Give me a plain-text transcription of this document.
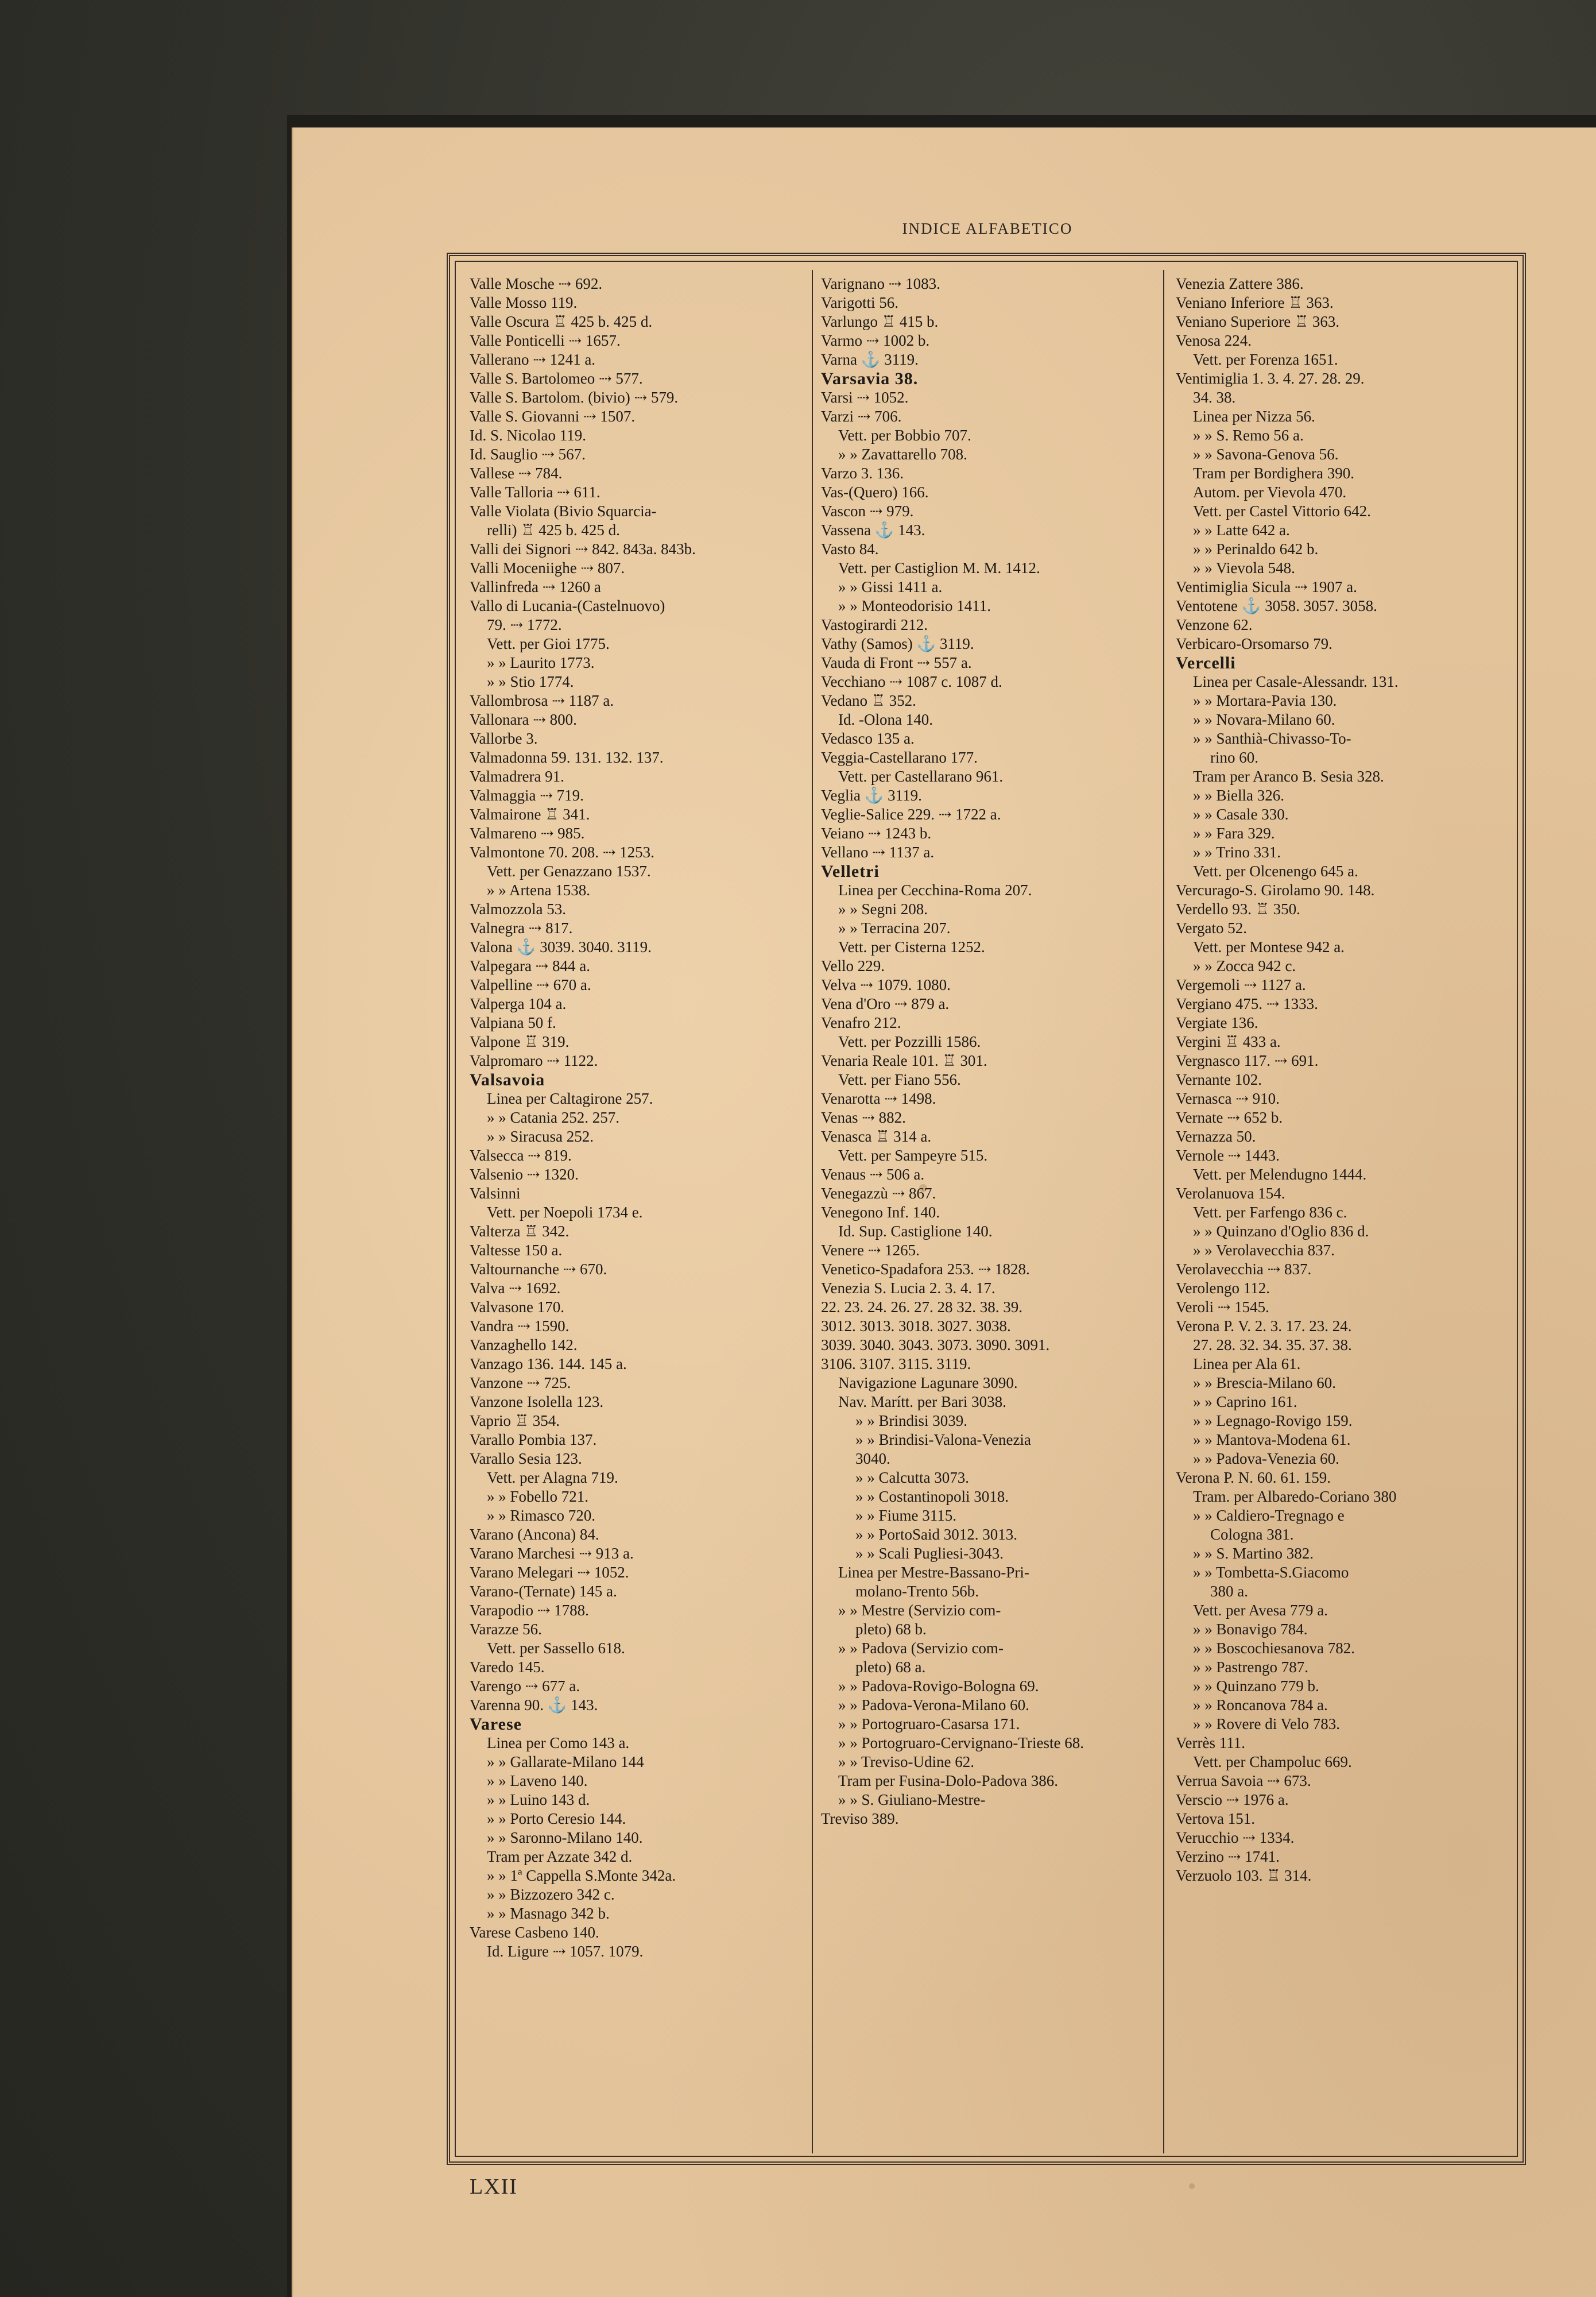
INDICE ALFABETICO
Valle Mosche ⇢ 692.
Valle Mosso 119.
Valle Oscura ♖ 425 b. 425 d.
Valle Ponticelli ⇢ 1657.
Vallerano ⇢ 1241 a.
Valle S. Bartolomeo ⇢ 577.
Valle S. Bartolom. (bivio) ⇢ 579.
Valle S. Giovanni ⇢ 1507.
Id. S. Nicolao 119.
Id. Sauglio ⇢ 567.
Vallese ⇢ 784.
Valle Talloria ⇢ 611.
Valle Violata (Bivio Squarcia-
relli) ♖ 425 b. 425 d.
Valli dei Signori ⇢ 842. 843a. 843b.
Valli Moceniighe ⇢ 807.
Vallinfreda ⇢ 1260 a
Vallo di Lucania-(Castelnuovo)
79. ⇢ 1772.
Vett. per Gioi 1775.
» » Laurito 1773.
» » Stio 1774.
Vallombrosa ⇢ 1187 a.
Vallonara ⇢ 800.
Vallorbe 3.
Valmadonna 59. 131. 132. 137.
Valmadrera 91.
Valmaggia ⇢ 719.
Valmairone ♖ 341.
Valmareno ⇢ 985.
Valmontone 70. 208. ⇢ 1253.
Vett. per Genazzano 1537.
» » Artena 1538.
Valmozzola 53.
Valnegra ⇢ 817.
Valona ⚓ 3039. 3040. 3119.
Valpegara ⇢ 844 a.
Valpelline ⇢ 670 a.
Valperga 104 a.
Valpiana 50 f.
Valpone ♖ 319.
Valpromaro ⇢ 1122.
Valsavoia
Linea per Caltagirone 257.
» » Catania 252. 257.
» » Siracusa 252.
Valsecca ⇢ 819.
Valsenio ⇢ 1320.
Valsinni
Vett. per Noepoli 1734 e.
Valterza ♖ 342.
Valtesse 150 a.
Valtournanche ⇢ 670.
Valva ⇢ 1692.
Valvasone 170.
Vandra ⇢ 1590.
Vanzaghello 142.
Vanzago 136. 144. 145 a.
Vanzone ⇢ 725.
Vanzone Isolella 123.
Vaprio ♖ 354.
Varallo Pombia 137.
Varallo Sesia 123.
Vett. per Alagna 719.
» » Fobello 721.
» » Rimasco 720.
Varano (Ancona) 84.
Varano Marchesi ⇢ 913 a.
Varano Melegari ⇢ 1052.
Varano-(Ternate) 145 a.
Varapodio ⇢ 1788.
Varazze 56.
Vett. per Sassello 618.
Varedo 145.
Varengo ⇢ 677 a.
Varenna 90. ⚓ 143.
Varese
Linea per Como 143 a.
» » Gallarate-Milano 144
» » Laveno 140.
» » Luino 143 d.
» » Porto Ceresio 144.
» » Saronno-Milano 140.
Tram per Azzate 342 d.
» » 1ª Cappella S.Monte 342a.
» » Bizzozero 342 c.
» » Masnago 342 b.
Varese Casbeno 140.
Id. Ligure ⇢ 1057. 1079.
Varignano ⇢ 1083.
Varigotti 56.
Varlungo ♖ 415 b.
Varmo ⇢ 1002 b.
Varna ⚓ 3119.
Varsavia 38.
Varsi ⇢ 1052.
Varzi ⇢ 706.
Vett. per Bobbio 707.
» » Zavattarello 708.
Varzo 3. 136.
Vas-(Quero) 166.
Vascon ⇢ 979.
Vassena ⚓ 143.
Vasto 84.
Vett. per Castiglion M. M. 1412.
» » Gissi 1411 a.
» » Monteodorisio 1411.
Vastogirardi 212.
Vathy (Samos) ⚓ 3119.
Vauda di Front ⇢ 557 a.
Vecchiano ⇢ 1087 c. 1087 d.
Vedano ♖ 352.
Id. -Olona 140.
Vedasco 135 a.
Veggia-Castellarano 177.
Vett. per Castellarano 961.
Veglia ⚓ 3119.
Veglie-Salice 229. ⇢ 1722 a.
Veiano ⇢ 1243 b.
Vellano ⇢ 1137 a.
Velletri
Linea per Cecchina-Roma 207.
» » Segni 208.
» » Terracina 207.
Vett. per Cisterna 1252.
Vello 229.
Velva ⇢ 1079. 1080.
Vena d'Oro ⇢ 879 a.
Venafro 212.
Vett. per Pozzilli 1586.
Venaria Reale 101. ♖ 301.
Vett. per Fiano 556.
Venarotta ⇢ 1498.
Venas ⇢ 882.
Venasca ♖ 314 a.
Vett. per Sampeyre 515.
Venaus ⇢ 506 a.
Venegazzù ⇢ 867.
Venegono Inf. 140.
Id. Sup. Castiglione 140.
Venere ⇢ 1265.
Venetico-Spadafora 253. ⇢ 1828.
Venezia S. Lucia 2. 3. 4. 17.
22. 23. 24. 26. 27. 28 32. 38. 39.
3012. 3013. 3018. 3027. 3038.
3039. 3040. 3043. 3073. 3090. 3091.
3106. 3107. 3115. 3119.
Navigazione Lagunare 3090.
Nav. Marítt. per Bari 3038.
» » Brindisi 3039.
» » Brindisi-Valona-Venezia
3040.
» » Calcutta 3073.
» » Costantinopoli 3018.
» » Fiume 3115.
» » PortoSaid 3012. 3013.
» » Scali Pugliesi-3043.
Linea per Mestre-Bassano-Pri-
molano-Trento 56b.
» » Mestre (Servizio com-
pleto) 68 b.
» » Padova (Servizio com-
pleto) 68 a.
» » Padova-Rovigo-Bologna 69.
» » Padova-Verona-Milano 60.
» » Portogruaro-Casarsa 171.
» » Portogruaro-Cervignano-Trieste 68.
» » Treviso-Udine 62.
Tram per Fusina-Dolo-Padova 386.
» » S. Giuliano-Mestre-
Treviso 389.
Venezia Zattere 386.
Veniano Inferiore ♖ 363.
Veniano Superiore ♖ 363.
Venosa 224.
Vett. per Forenza 1651.
Ventimiglia 1. 3. 4. 27. 28. 29.
34. 38.
Linea per Nizza 56.
» » S. Remo 56 a.
» » Savona-Genova 56.
Tram per Bordighera 390.
Autom. per Vievola 470.
Vett. per Castel Vittorio 642.
» » Latte 642 a.
» » Perinaldo 642 b.
» » Vievola 548.
Ventimiglia Sicula ⇢ 1907 a.
Ventotene ⚓ 3058. 3057. 3058.
Venzone 62.
Verbicaro-Orsomarso 79.
Vercelli
Linea per Casale-Alessandr. 131.
» » Mortara-Pavia 130.
» » Novara-Milano 60.
» » Santhià-Chivasso-To-
rino 60.
Tram per Aranco B. Sesia 328.
» » Biella 326.
» » Casale 330.
» » Fara 329.
» » Trino 331.
Vett. per Olcenengo 645 a.
Vercurago-S. Girolamo 90. 148.
Verdello 93. ♖ 350.
Vergato 52.
Vett. per Montese 942 a.
» » Zocca 942 c.
Vergemoli ⇢ 1127 a.
Vergiano 475. ⇢ 1333.
Vergiate 136.
Vergini ♖ 433 a.
Vergnasco 117. ⇢ 691.
Vernante 102.
Vernasca ⇢ 910.
Vernate ⇢ 652 b.
Vernazza 50.
Vernole ⇢ 1443.
Vett. per Melendugno 1444.
Verolanuova 154.
Vett. per Farfengo 836 c.
» » Quinzano d'Oglio 836 d.
» » Verolavecchia 837.
Verolavecchia ⇢ 837.
Verolengo 112.
Veroli ⇢ 1545.
Verona P. V. 2. 3. 17. 23. 24.
27. 28. 32. 34. 35. 37. 38.
Linea per Ala 61.
» » Brescia-Milano 60.
» » Caprino 161.
» » Legnago-Rovigo 159.
» » Mantova-Modena 61.
» » Padova-Venezia 60.
Verona P. N. 60. 61. 159.
Tram. per Albaredo-Coriano 380
» » Caldiero-Tregnago e
Cologna 381.
» » S. Martino 382.
» » Tombetta-S.Giacomo
380 a.
Vett. per Avesa 779 a.
» » Bonavigo 784.
» » Boscochiesanova 782.
» » Pastrengo 787.
» » Quinzano 779 b.
» » Roncanova 784 a.
» » Rovere di Velo 783.
Verrès 111.
Vett. per Champoluc 669.
Verrua Savoia ⇢ 673.
Verscio ⇢ 1976 a.
Vertova 151.
Verucchio ⇢ 1334.
Verzino ⇢ 1741.
Verzuolo 103. ♖ 314.
LXII
